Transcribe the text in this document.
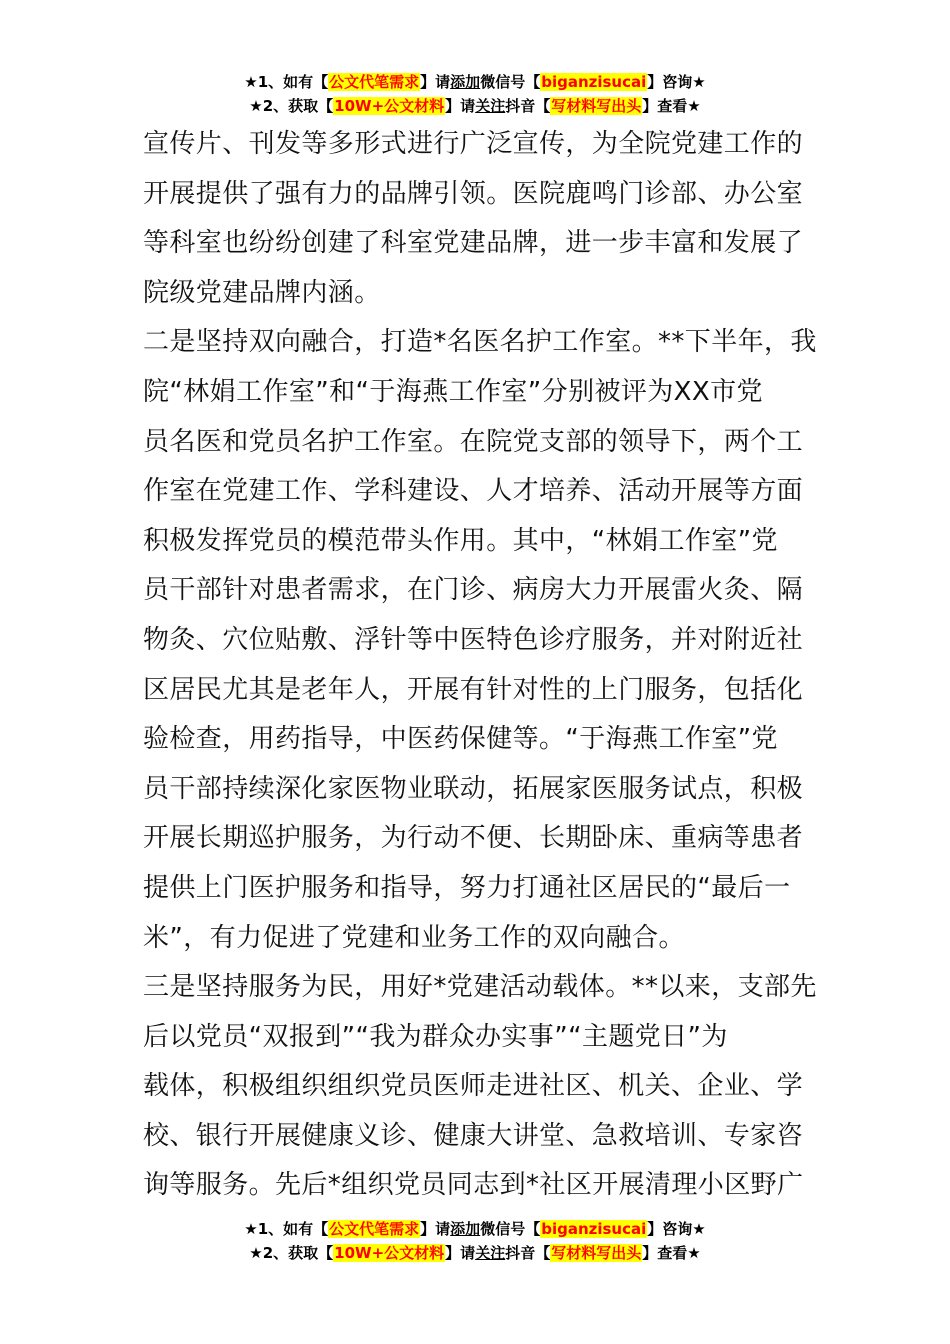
★1、如有【公文代笔需求】请添加微信号【biganzisucai】咨询★
★2、获取【10W+公文材料】请关注抖音【写材料写出头】查看★
宣传片、刊发等多形式进行广泛宣传，为全院党建工作的
开展提供了强有力的品牌引领。医院鹿鸣门诊部、办公室
等科室也纷纷创建了科室党建品牌，进一步丰富和发展了
院级党建品牌内涵。
二是坚持双向融合，打造*名医名护工作室。**下半年，我
院“林娟工作室”和“于海燕工作室”分别被评为XX市党
员名医和党员名护工作室。在院党支部的领导下，两个工
作室在党建工作、学科建设、人才培养、活动开展等方面
积极发挥党员的模范带头作用。其中，“林娟工作室”党
员干部针对患者需求，在门诊、病房大力开展雷火灸、隔
物灸、穴位贴敷、浮针等中医特色诊疗服务，并对附近社
区居民尤其是老年人，开展有针对性的上门服务，包括化
验检查，用药指导，中医药保健等。“于海燕工作室”党
员干部持续深化家医物业联动，拓展家医服务试点，积极
开展长期巡护服务，为行动不便、长期卧床、重病等患者
提供上门医护服务和指导，努力打通社区居民的“最后一
米”，有力促进了党建和业务工作的双向融合。
三是坚持服务为民，用好*党建活动载体。**以来，支部先
后以党员“双报到”“我为群众办实事”“主题党日”为
载体，积极组织组织党员医师走进社区、机关、企业、学
校、银行开展健康义诊、健康大讲堂、急救培训、专家咨
询等服务。先后*组织党员同志到*社区开展清理小区野广
★1、如有【公文代笔需求】请添加微信号【biganzisucai】咨询★
★2、获取【10W+公文材料】请关注抖音【写材料写出头】查看★
